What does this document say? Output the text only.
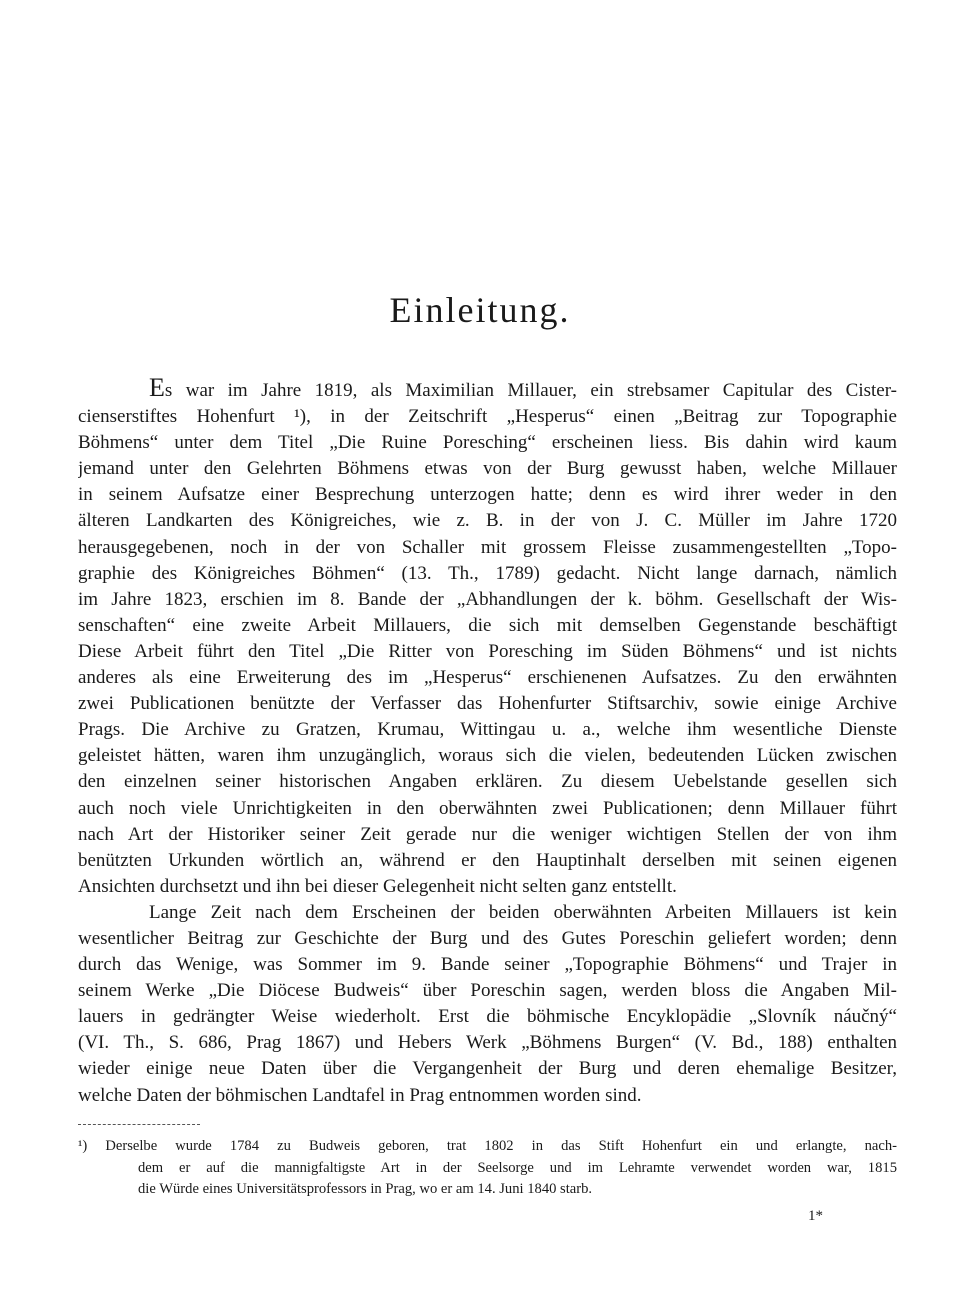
Einleitung.
Es war im Jahre 1819, als Maximilian Millauer, ein strebsamer Capitular des Cister-
cienserstiftes Hohenfurt ¹), in der Zeitschrift „Hesperus“ einen „Beitrag zur Topographie
Böhmens“ unter dem Titel „Die Ruine Poresching“ erscheinen liess. Bis dahin wird kaum
jemand unter den Gelehrten Böhmens etwas von der Burg gewusst haben, welche Millauer
in seinem Aufsatze einer Besprechung unterzogen hatte; denn es wird ihrer weder in den
älteren Landkarten des Königreiches, wie z. B. in der von J. C. Müller im Jahre 1720
herausgegebenen, noch in der von Schaller mit grossem Fleisse zusammengestellten „Topo-
graphie des Königreiches Böhmen“ (13. Th., 1789) gedacht. Nicht lange darnach, nämlich
im Jahre 1823, erschien im 8. Bande der „Abhandlungen der k. böhm. Gesellschaft der Wis-
senschaften“ eine zweite Arbeit Millauers, die sich mit demselben Gegenstande beschäftigt
Diese Arbeit führt den Titel „Die Ritter von Poresching im Süden Böhmens“ und ist nichts
anderes als eine Erweiterung des im „Hesperus“ erschienenen Aufsatzes. Zu den erwähnten
zwei Publicationen benützte der Verfasser das Hohenfurter Stiftsarchiv, sowie einige Archive
Prags. Die Archive zu Gratzen, Krumau, Wittingau u. a., welche ihm wesentliche Dienste
geleistet hätten, waren ihm unzugänglich, woraus sich die vielen, bedeutenden Lücken zwischen
den einzelnen seiner historischen Angaben erklären. Zu diesem Uebelstande gesellen sich
auch noch viele Unrichtigkeiten in den oberwähnten zwei Publicationen; denn Millauer führt
nach Art der Historiker seiner Zeit gerade nur die weniger wichtigen Stellen der von ihm
benützten Urkunden wörtlich an, während er den Hauptinhalt derselben mit seinen eigenen
Ansichten durchsetzt und ihn bei dieser Gelegenheit nicht selten ganz entstellt.
Lange Zeit nach dem Erscheinen der beiden oberwähnten Arbeiten Millauers ist kein
wesentlicher Beitrag zur Geschichte der Burg und des Gutes Poreschin geliefert worden; denn
durch das Wenige, was Sommer im 9. Bande seiner „Topographie Böhmens“ und Trajer in
seinem Werke „Die Diöcese Budweis“ über Poreschin sagen, werden bloss die Angaben Mil-
lauers in gedrängter Weise wiederholt. Erst die böhmische Encyklopädie „Slovník náučný“
(VI. Th., S. 686, Prag 1867) und Hebers Werk „Böhmens Burgen“ (V. Bd., 188) enthalten
wieder einige neue Daten über die Vergangenheit der Burg und deren ehemalige Besitzer,
welche Daten der böhmischen Landtafel in Prag entnommen worden sind.
¹) Derselbe wurde 1784 zu Budweis geboren, trat 1802 in das Stift Hohenfurt ein und erlangte, nach-
dem er auf die mannigfaltigste Art in der Seelsorge und im Lehramte verwendet worden war, 1815
die Würde eines Universitätsprofessors in Prag, wo er am 14. Juni 1840 starb.
1*
